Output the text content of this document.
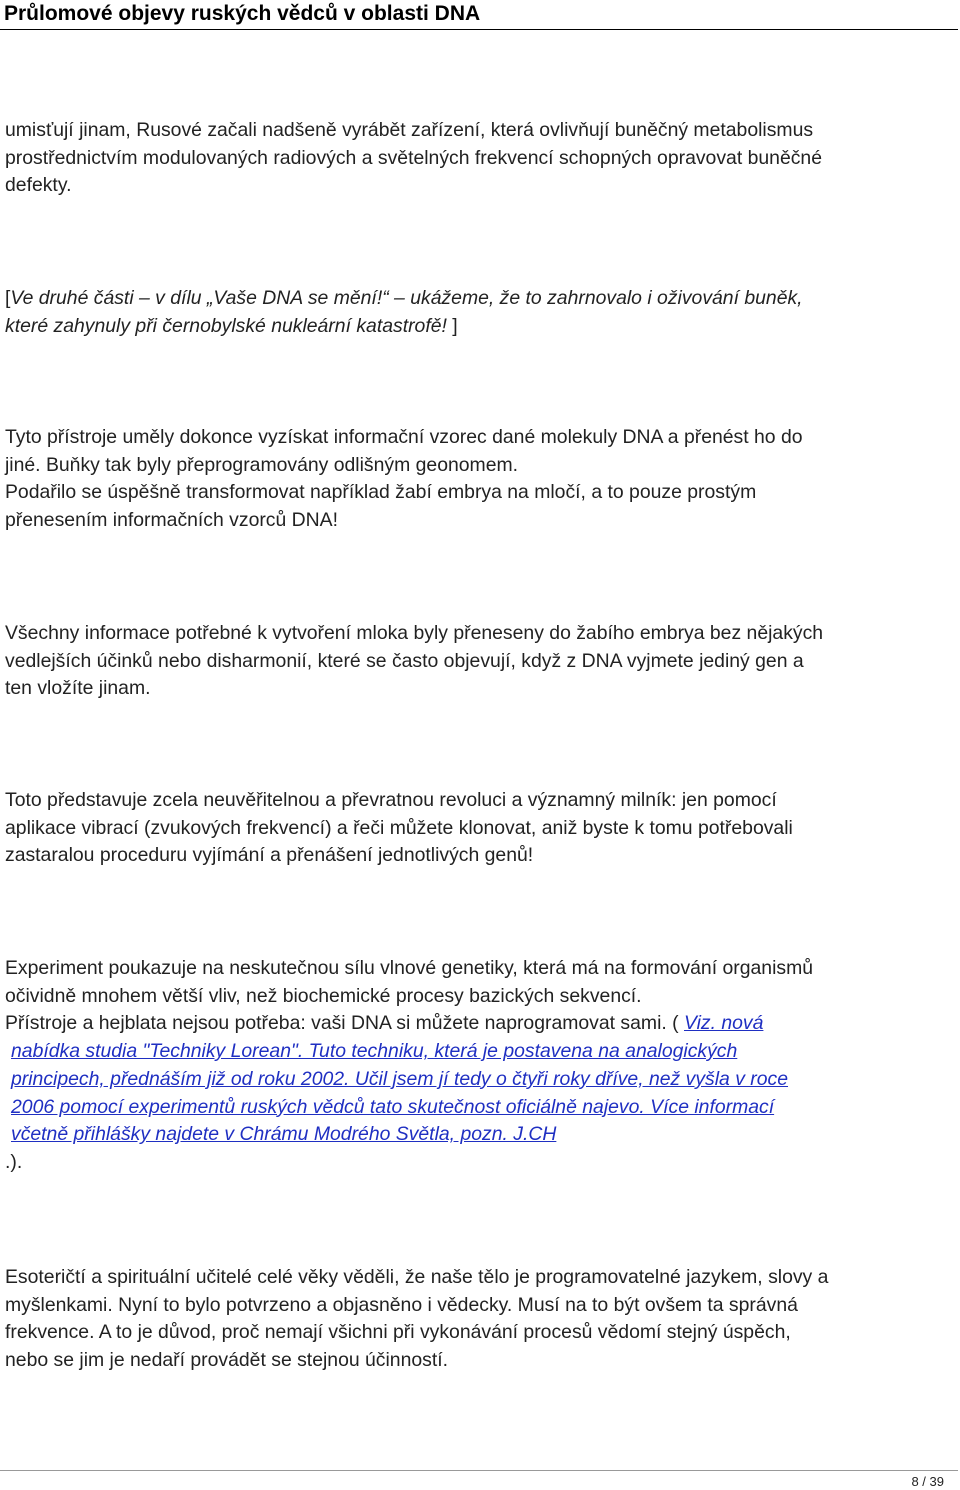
Průlomové objevy ruských vědců v oblasti DNA
umisťují jinam, Rusové začali nadšeně vyrábět zařízení, která ovlivňují buněčný metabolismus
prostřednictvím modulovaných radiových a světelných frekvencí schopných opravovat buněčné
defekty.
[Ve druhé části – v dílu „Vaše DNA se mění!“ – ukážeme, že to zahrnovalo i oživování buněk,
které zahynuly při černobylské nukleární katastrofě! ]
Tyto přístroje uměly dokonce vyzískat informační vzorec dané molekuly DNA a přenést ho do
jiné. Buňky tak byly přeprogramovány odlišným geonomem.
Podařilo se úspěšně transformovat například žabí embrya na mločí, a to pouze prostým
přenesením informačních vzorců DNA!
Všechny informace potřebné k vytvoření mloka byly přeneseny do žabího embrya bez nějakých
vedlejších účinků nebo disharmonií, které se často objevují, když z DNA vyjmete jediný gen a
ten vložíte jinam.
Toto představuje zcela neuvěřitelnou a převratnou revoluci a významný milník: jen pomocí
aplikace vibrací (zvukových frekvencí) a řeči můžete klonovat, aniž byste k tomu potřebovali
zastaralou proceduru vyjímání a přenášení jednotlivých genů!
Experiment poukazuje na neskutečnou sílu vlnové genetiky, která má na formování organismů
očividně mnohem větší vliv, než biochemické procesy bazických sekvencí.
Přístroje a hejblata nejsou potřeba: vaši DNA si můžete naprogramovat sami. ( Viz. nová
nabídka studia "Techniky Lorean". Tuto techniku, která je postavena na analogických
principech, přednáším již od roku 2002. Učil jsem jí tedy o čtyři roky dříve, než vyšla v roce
2006 pomocí experimentů ruských vědců tato skutečnost oficiálně najevo. Více informací
včetně přihlášky najdete v Chrámu Modrého Světla, pozn. J.CH
.).
Esoteričtí a spirituální učitelé celé věky věděli, že naše tělo je programovatelné jazykem, slovy a
myšlenkami. Nyní to bylo potvrzeno a objasněno i vědecky. Musí na to být ovšem ta správná
frekvence. A to je důvod, proč nemají všichni při vykonávání procesů vědomí stejný úspěch,
nebo se jim je nedaří provádět se stejnou účinností.
8 / 39
